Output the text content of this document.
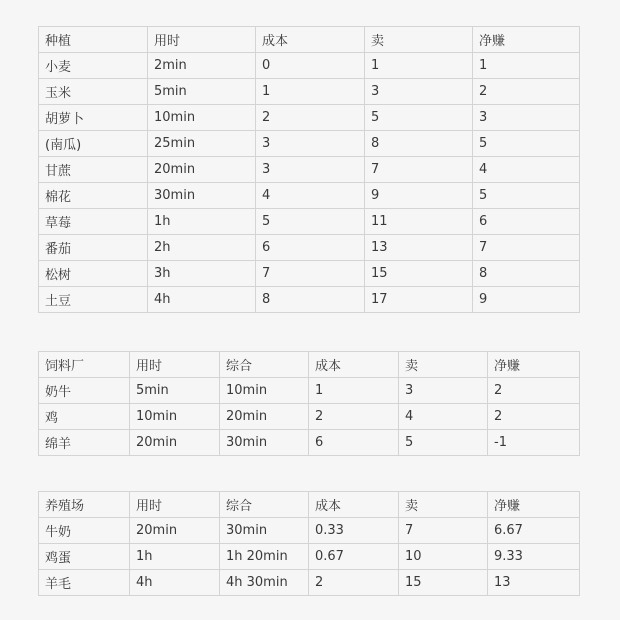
种植	用时	成本	卖	净赚
小麦	2min	0	1	1
玉米	5min	1	3	2
胡萝卜	10min	2	5	3
(南瓜)	25min	3	8	5
甘蔗	20min	3	7	4
棉花	30min	4	9	5
草莓	1h	5	11	6
番茄	2h	6	13	7
松树	3h	7	15	8
土豆	4h	8	17	9
饲料厂	用时	综合	成本	卖	净赚
奶牛	5min	10min	1	3	2
鸡	10min	20min	2	4	2
绵羊	20min	30min	6	5	-1
养殖场	用时	综合	成本	卖	净赚
牛奶	20min	30min	0.33	7	6.67
鸡蛋	1h	1h 20min	0.67	10	9.33
羊毛	4h	4h 30min	2	15	13
